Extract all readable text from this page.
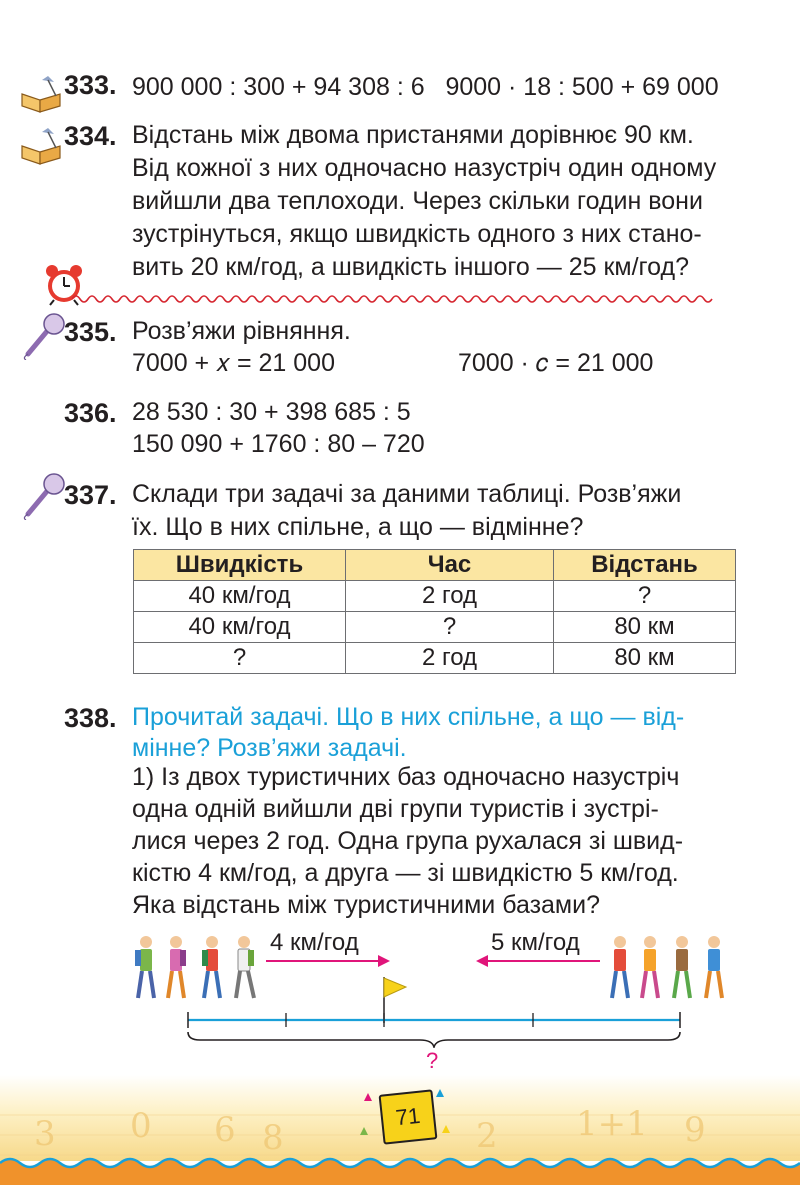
333. 900 000 : 300 + 94 308 : 6   9000 · 18 : 500 + 69 000
334. Відстань між двома пристанями дорівнює 90 км.
Від кожної з них одночасно назустріч один одному
вийшли два теплоходи. Через скільки годин вони
зустрінуться, якщо швидкість одного з них стано-
вить 20 км/год, а швидкість іншого — 25 км/год?
335. Розв’яжи рівняння.
7000 + 𝑥 = 21 000	7000 · 𝑐 = 21 000
336. 28 530 : 30 + 398 685 : 5
150 090 + 1760 : 80 – 720
337. Склади три задачі за даними таблиці. Розв’яжи
їх. Що в них спільне, а що — відмінне?
Швидкість	Час	Відстань
40 км/год	2 год	?
40 км/год	?	80 км
?	2 год	80 км
338. Прочитай задачі. Що в них спільне, а що — від-
мінне? Розв’яжи задачі.
1) Із двох туристичних баз одночасно назустріч
одна одній вийшли дві групи туристів і зустрі-
лися через 2 год. Одна група рухалася зі швид-
кістю 4 км/год, а друга — зі швидкістю 5 км/год.
Яка відстань між туристичними базами?
4 км/год	5 км/год
?
3 0 6 8	2 1+1 9
71
